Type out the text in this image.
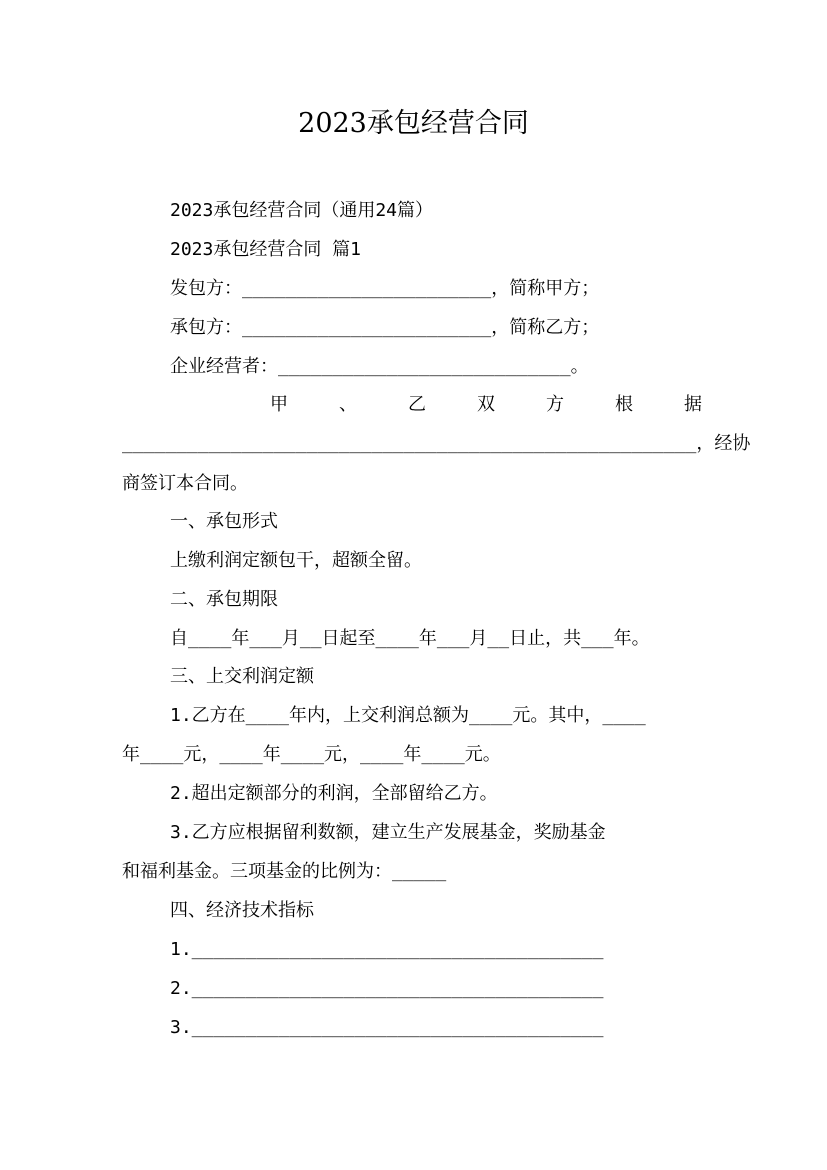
2023承包经营合同
2023承包经营合同（通用24篇）
2023承包经营合同 篇1
发包方：_______________________，简称甲方；
承包方：_______________________，简称乙方；
企业经营者：___________________________。
甲	、	乙	双	方	根	据
_____________________________________________________，经协
商签订本合同。
一、承包形式
上缴利润定额包干，超额全留。
二、承包期限
自____年___月__日起至____年___月__日止，共___年。
三、上交利润定额
1.乙方在____年内，上交利润总额为____元。其中，____
年____元，____年____元，____年____元。
2.超出定额部分的利润，全部留给乙方。
3.乙方应根据留利数额，建立生产发展基金，奖励基金
和福利基金。三项基金的比例为：_____
四、经济技术指标
1.______________________________________
2.______________________________________
3.______________________________________
